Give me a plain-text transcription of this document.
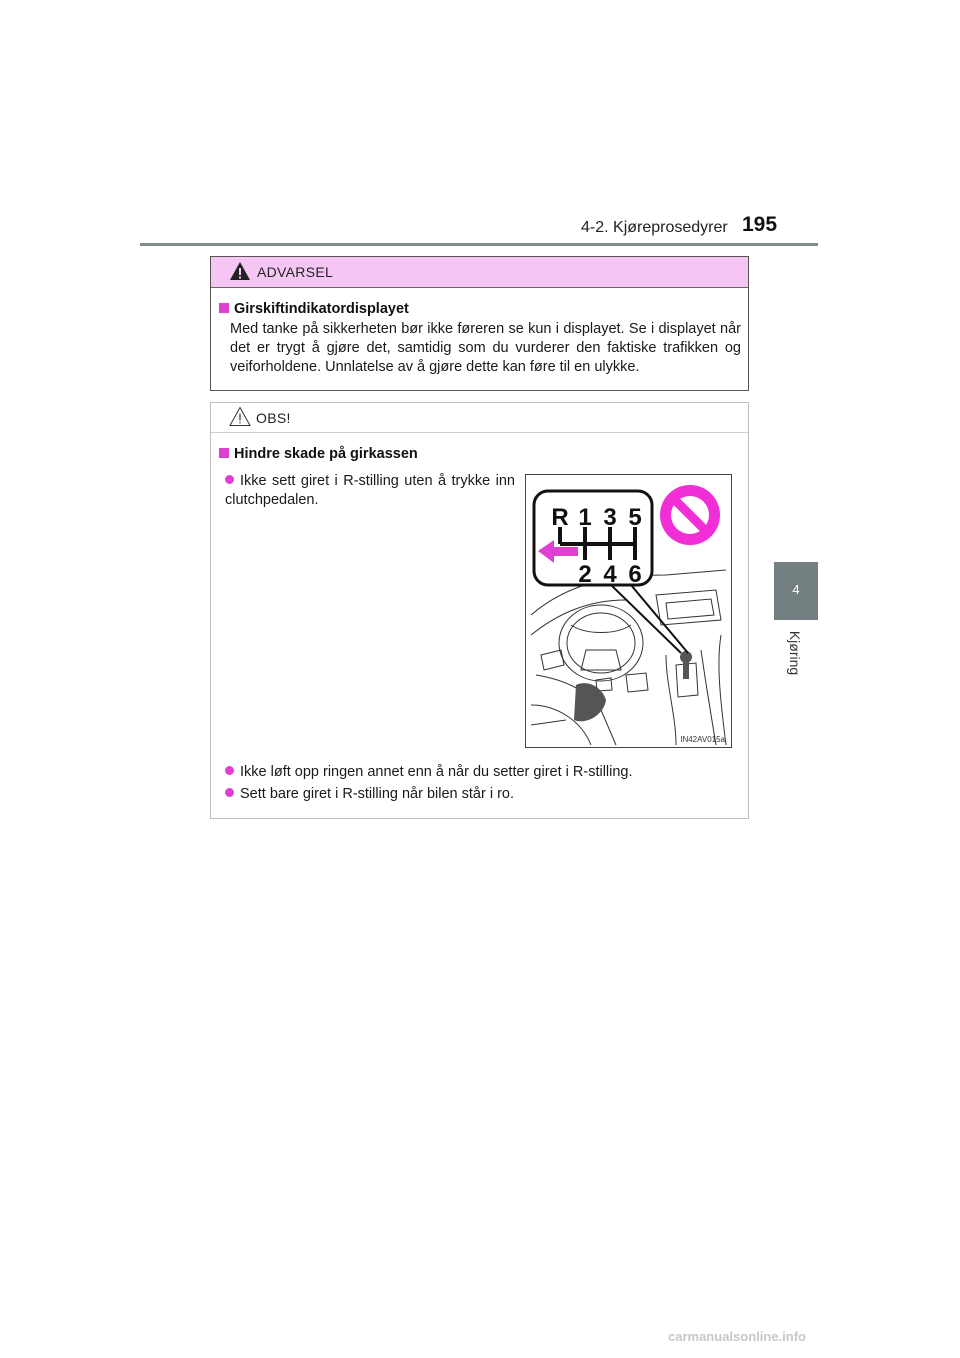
4-2. Kjøreprosedyrer 195
4
Kjøring
ADVARSEL
Girskiftindikatordisplayet
Med tanke på sikkerheten bør ikke føreren se kun i displayet. Se i displayet når det er trygt å gjøre det, samtidig som du vurderer den faktiske trafikken og veiforholdene. Unnlatelse av å gjøre dette kan føre til en ulykke.
OBS!
Hindre skade på girkassen
Ikke sett giret i R-stilling uten å trykke inn clutchpedalen.
Ikke løft opp ringen annet enn å når du setter giret i R-stilling.
Sett bare giret i R-stilling når bilen står i ro.
R 1 3 5
2 4 6
IN42AV015a
carmanualsonline.info
